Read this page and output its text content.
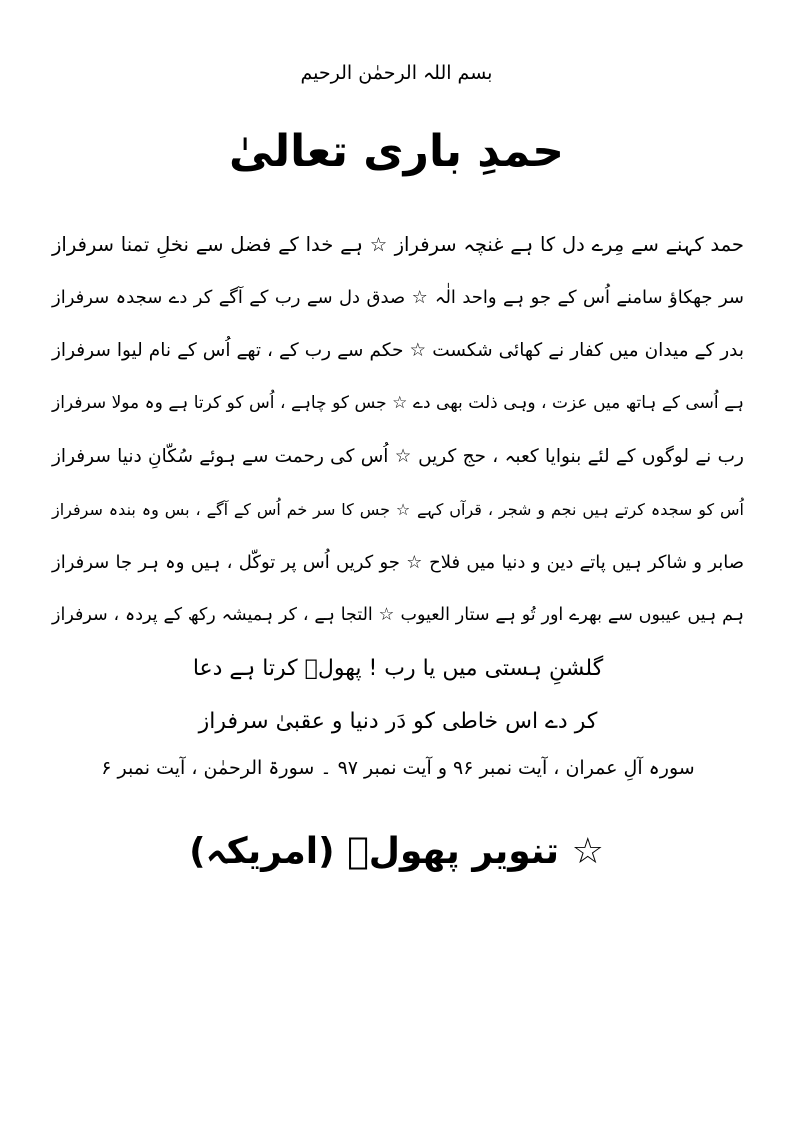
بسم اللہ الرحمٰن الرحیم
حمدِ باری تعالیٰ
حمد کہنے سے مِرے دل کا ہے غنچہ سرفراز ☆ ہے خدا کے فضل سے نخلِ تمنا سرفراز
سر جھکاؤ سامنے اُس کے جو ہے واحد الٰہ ☆ صدق دل سے رب کے آگے کر دے سجدہ سرفراز
بدر کے میدان میں کفار نے کھائی شکست ☆ حکم سے رب کے ، تھے اُس کے نام لیوا سرفراز
ہے اُسی کے ہاتھ میں عزت ، وہی ذلت بھی دے ☆ جس کو چاہے ، اُس کو کرتا ہے وہ مولا سرفراز
رب نے لوگوں کے لئے بنوایا کعبہ ، حج کریں ☆ اُس کی رحمت سے ہوئے سُکّانِ دنیا سرفراز
اُس کو سجدہ کرتے ہیں نجم و شجر ، قرآں کہے ☆ جس کا سر خم اُس کے آگے ، بس وہ بندہ سرفراز
صابر و شاکر ہیں پاتے دین و دنیا میں فلاح ☆ جو کریں اُس پر توکّل ، ہیں وہ ہر جا سرفراز
ہم ہیں عیبوں سے بھرے اور تُو ہے ستار العیوب ☆ التجا ہے ، کر ہمیشہ رکھ کے پردہ ، سرفراز
گلشنِ ہستی میں یا رب ! پھولؔ کرتا ہے دعا
کر دے اس خاطی کو دَر دنیا و عقبیٰ سرفراز
سورہ آلِ عمران ، آیت نمبر ۹۶ و آیت نمبر ۹۷ ۔ سورۃ الرحمٰن ، آیت نمبر ۶
☆ تنویر پھولؔ (امریکہ)
